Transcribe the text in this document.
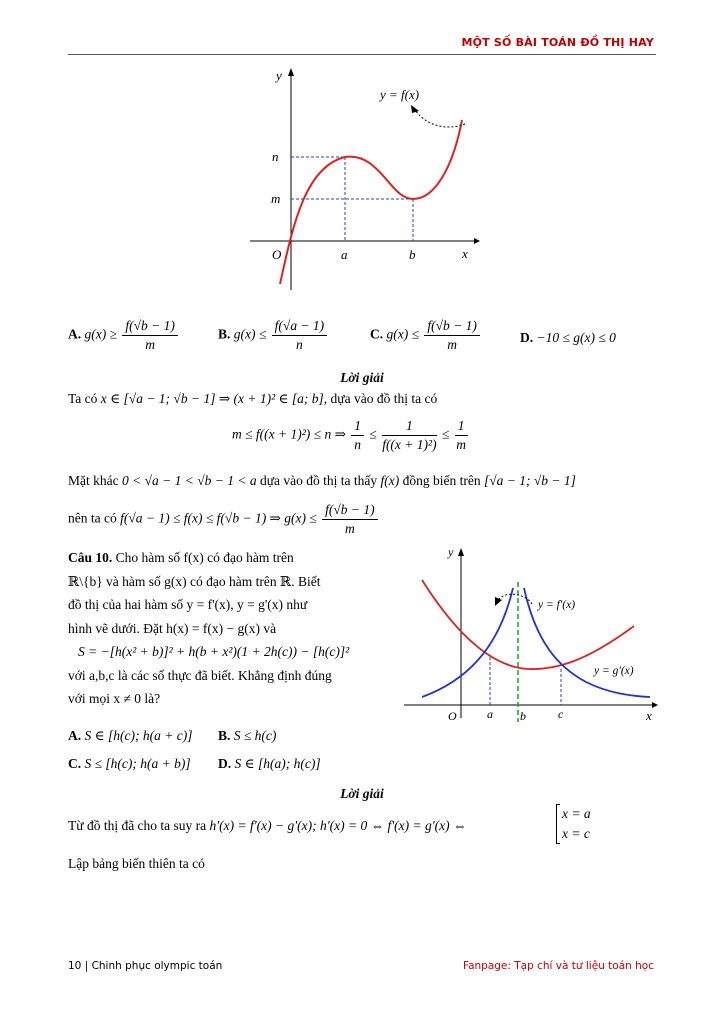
MỘT SỐ BÀI TOÁN ĐỒ THỊ HAY
y
x
O
n
m
a	b
y = f(x)
A. $g(x) \ge \frac{f(√b - 1)}{m}$	B. $g(x) \le \frac{f(√a - 1)}{n}$	C. $g(x) \le \frac{f(√b - 1)}{m}$	D. −10 ≤ g(x) ≤ 0
Lời giải
Ta có x ∈ [√a − 1; √b − 1] ⇒ (x + 1)² ∈ [a; b], dựa vào đồ thị ta có
m ≤ f((x + 1)²) ≤ n ⇒ $\frac{1}{n} \le \frac{1}{\text{f((x + 1)²)}} \le \frac{1}{m}$
Mặt khác 0 < √a − 1 < √b − 1 < a dựa vào đồ thị ta thấy f(x) đồng biến trên [√a − 1; √b − 1]
nên ta có f(√a − 1) ≤ f(x) ≤ f(√b − 1) ⇒ $g(x) \le \frac{f(√b - 1)}{m}$
Câu 10. Cho hàm số f(x) có đạo hàm trên
ℝ\{b} và hàm số g(x) có đạo hàm trên ℝ. Biết
đồ thị của hai hàm số y = f'(x), y = g'(x) như
hình vẽ dưới. Đặt h(x) = f(x) − g(x) và
S = −[h(x² + b)]² + h(b + x²)(1 + 2h(c)) − [h(c)]²
với a,b,c là các số thực đã biết. Khẳng định đúng
với mọi x ≠ 0 là?
A. S ∈ [h(c); h(a + c)] B. S ≤ h(c)
C. S ≤ [h(c); h(a + b)] D. S ∈ [h(a); h(c)]
y
x
O	a b	c
y = f'(x)
y = g'(x)
Lời giải
Từ đồ thị đã cho ta suy ra h'(x) = f'(x) − g'(x); h'(x) = 0 ⇔ f'(x) = g'(x) ⇔
x = a
x = c
Lập bảng biến thiên ta có
10 | Chinh phục olympic toán	Fanpage: Tạp chí và tư liệu toán học
